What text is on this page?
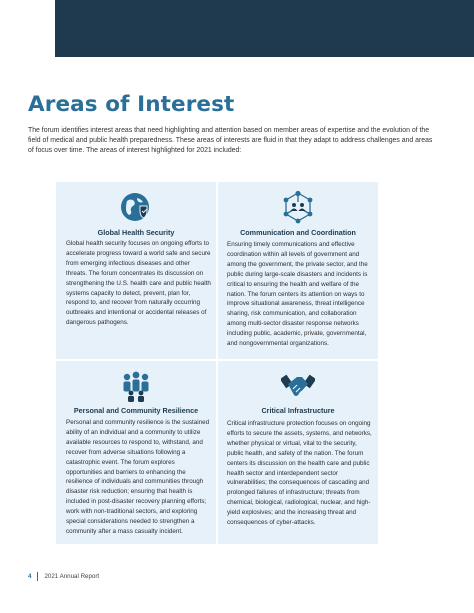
Areas of Interest

The forum identifies interest areas that need highlighting and attention based on member areas of expertise and the evolution of the field of medical and public health preparedness. These areas of interests are fluid in that they adapt to address challenges and areas of focus over time. The areas of interest highlighted for 2021 included:

Global Health Security

Global health security focuses on ongoing efforts to accelerate progress toward a world safe and secure from emerging infectious diseases and other threats. The forum concentrates its discussion on strengthening the U.S. health care and public health systems capacity to detect, prevent, plan for, respond to, and recover from naturally occurring outbreaks and intentional or accidental releases of dangerous pathogens.

Communication and Coordination

Ensuring timely communications and effective coordination within all levels of government and among the government, the private sector, and the public during large-scale disasters and incidents is critical to ensuring the health and welfare of the nation. The forum centers its attention on ways to improve situational awareness, threat intelligence sharing, risk communication, and collaboration among multi-sector disaster response networks including public, academic, private, governmental, and nongovernmental organizations.

Personal and Community Resilience

Personal and community resilience is the sustained ability of an individual and a community to utilize available resources to respond to, withstand, and recover from adverse situations following a catastrophic event. The forum explores opportunities and barriers to enhancing the resilience of individuals and communities through disaster risk reduction; ensuring that health is included in post-disaster recovery planning efforts; work with non-traditional sectors, and exploring special considerations needed to strengthen a community after a mass casualty incident.

Critical Infrastructure

Critical infrastructure protection focuses on ongoing efforts to secure the assets, systems, and networks, whether physical or virtual, vital to the security, public health, and safety of the nation. The forum centers its discussion on the health care and public health sector and interdependent sector vulnerabilities; the consequences of cascading and prolonged failures of infrastructure; threats from chemical, biological, radiological, nuclear, and high-yield explosives; and the increasing threat and consequences of cyber-attacks.

4 2021 Annual Report
